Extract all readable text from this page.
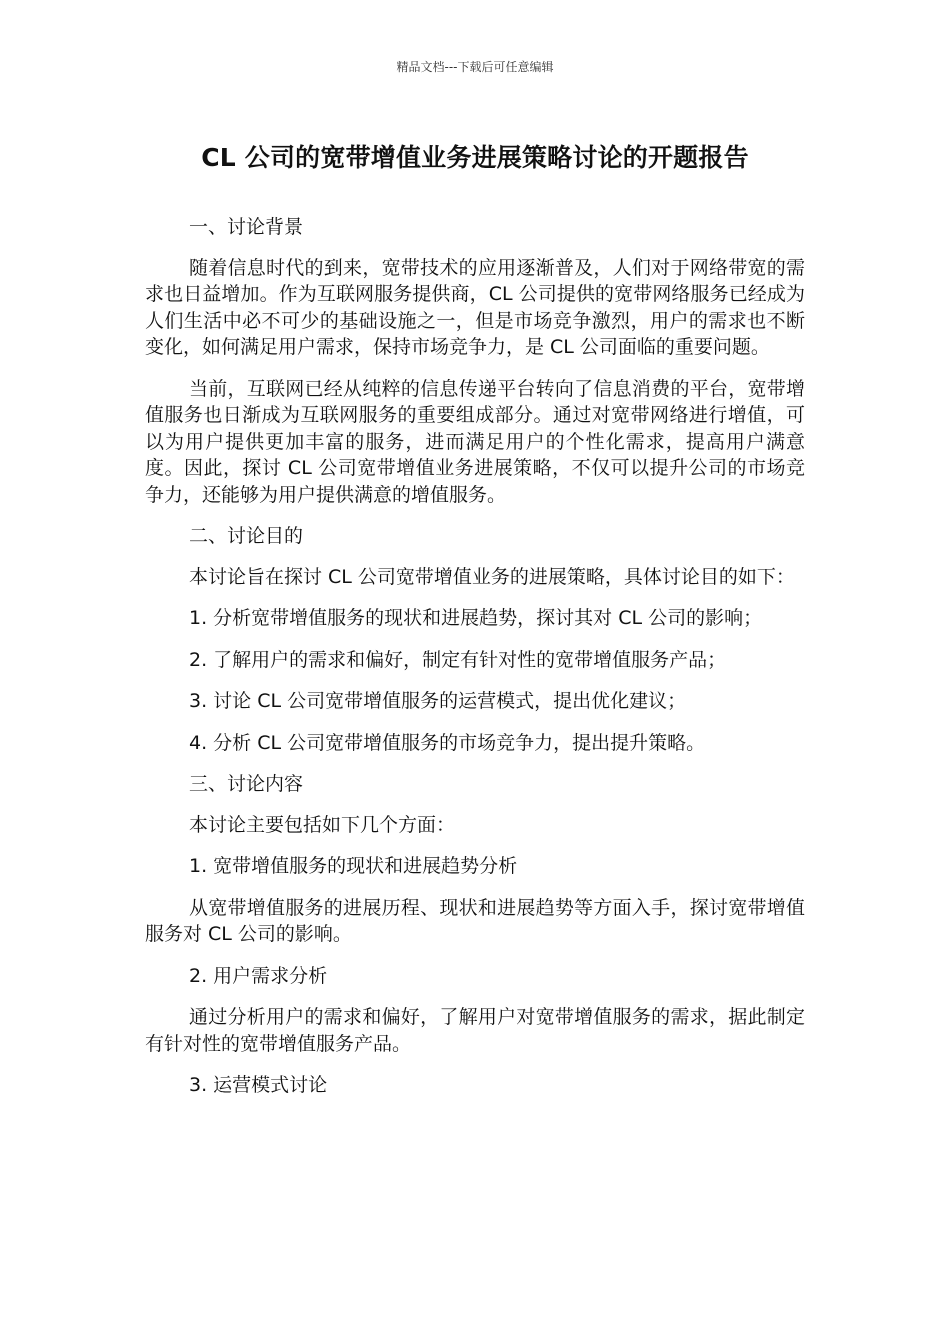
精品文档---下载后可任意编辑
CL 公司的宽带增值业务进展策略讨论的开题报告

一、讨论背景

随着信息时代的到来，宽带技术的应用逐渐普及，人们对于网络带宽的需求也日益增加。作为互联网服务提供商，CL 公司提供的宽带网络服务已经成为人们生活中必不可少的基础设施之一，但是市场竞争激烈，用户的需求也不断变化，如何满足用户需求，保持市场竞争力，是 CL 公司面临的重要问题。

当前，互联网已经从纯粹的信息传递平台转向了信息消费的平台，宽带增值服务也日渐成为互联网服务的重要组成部分。通过对宽带网络进行增值，可以为用户提供更加丰富的服务，进而满足用户的个性化需求，提高用户满意度。因此，探讨 CL 公司宽带增值业务进展策略，不仅可以提升公司的市场竞争力，还能够为用户提供满意的增值服务。

二、讨论目的

本讨论旨在探讨 CL 公司宽带增值业务的进展策略，具体讨论目的如下：

1. 分析宽带增值服务的现状和进展趋势，探讨其对 CL 公司的影响；

2. 了解用户的需求和偏好，制定有针对性的宽带增值服务产品；

3. 讨论 CL 公司宽带增值服务的运营模式，提出优化建议；

4. 分析 CL 公司宽带增值服务的市场竞争力，提出提升策略。

三、讨论内容

本讨论主要包括如下几个方面：

1. 宽带增值服务的现状和进展趋势分析

从宽带增值服务的进展历程、现状和进展趋势等方面入手，探讨宽带增值服务对 CL 公司的影响。

2. 用户需求分析

通过分析用户的需求和偏好，了解用户对宽带增值服务的需求，据此制定有针对性的宽带增值服务产品。

3. 运营模式讨论
